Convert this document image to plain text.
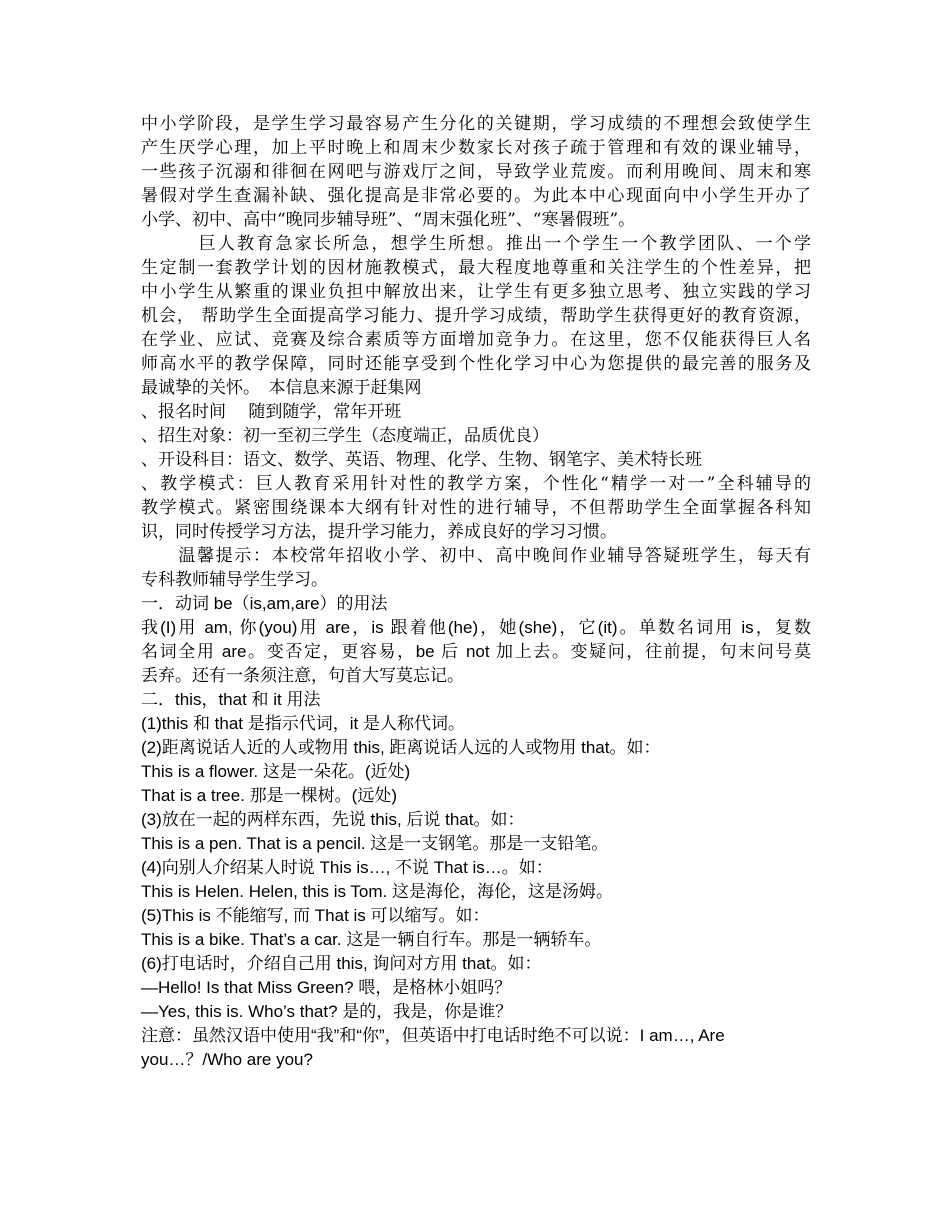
中小学阶段，是学生学习最容易产生分化的关键期，学习成绩的不理想会致使学生
产生厌学心理，加上平时晚上和周末少数家长对孩子疏于管理和有效的课业辅导，
一些孩子沉溺和徘徊在网吧与游戏厅之间，导致学业荒废。而利用晚间、周末和寒
暑假对学生查漏补缺、强化提高是非常必要的。为此本中心现面向中小学生开办了
小学、初中、高中“晚同步辅导班”、“周末强化班”、“寒暑假班”。
　　　巨人教育急家长所急，想学生所想。推出一个学生一个教学团队、一个学
生定制一套教学计划的因材施教模式，最大程度地尊重和关注学生的个性差异，把
中小学生从繁重的课业负担中解放出来，让学生有更多独立思考、独立实践的学习
机会， 帮助学生全面提高学习能力、提升学习成绩，帮助学生获得更好的教育资源，
在学业、应试、竞赛及综合素质等方面增加竞争力。在这里，您不仅能获得巨人名
师高水平的教学保障，同时还能享受到个性化学习中心为您提供的最完善的服务及
最诚挚的关怀。　本信息来源于赶集网
、报名时间　 随到随学，常年开班
、招生对象：初一至初三学生（态度端正，品质优良）
、开设科目：语文、数学、英语、物理、化学、生物、钢笔字、美术特长班
、教学模式：巨人教育采用针对性的教学方案，个性化“精学一对一”全科辅导的
教学模式。紧密围绕课本大纲有针对性的进行辅导，不但帮助学生全面掌握各科知
识，同时传授学习方法，提升学习能力，养成良好的学习习惯。
　　温馨提示：本校常年招收小学、初中、高中晚间作业辅导答疑班学生，每天有
专科教师辅导学生学习。
一．动词 be（is,am,are）的用法
我(I)用 am, 你(you)用 are，is 跟着他(he)，她(she)，它(it)。单数名词用 is，复数
名词全用 are。变否定，更容易，be 后 not 加上去。变疑问，往前提，句末问号莫
丢弃。还有一条须注意，句首大写莫忘记。
二．this，that 和 it 用法
(1)this 和 that 是指示代词，it 是人称代词。
(2)距离说话人近的人或物用 this, 距离说话人远的人或物用 that。如：
This is a flower. 这是一朵花。(近处)
That is a tree. 那是一棵树。(远处)
(3)放在一起的两样东西，先说 this, 后说 that。如：
This is a pen. That is a pencil. 这是一支钢笔。那是一支铅笔。
(4)向别人介绍某人时说 This is…, 不说 That is…。如：
This is Helen. Helen, this is Tom. 这是海伦，海伦，这是汤姆。
(5)This is 不能缩写, 而 That is 可以缩写。如：
This is a bike. That’s a car. 这是一辆自行车。那是一辆轿车。
(6)打电话时，介绍自己用 this, 询问对方用 that。如：
—Hello! Is that Miss Green? 喂，是格林小姐吗？
—Yes, this is. Who’s that? 是的，我是，你是谁？
注意：虽然汉语中使用“我”和“你”，但英语中打电话时绝不可以说：I am…, Are
you…？/Who are you?
